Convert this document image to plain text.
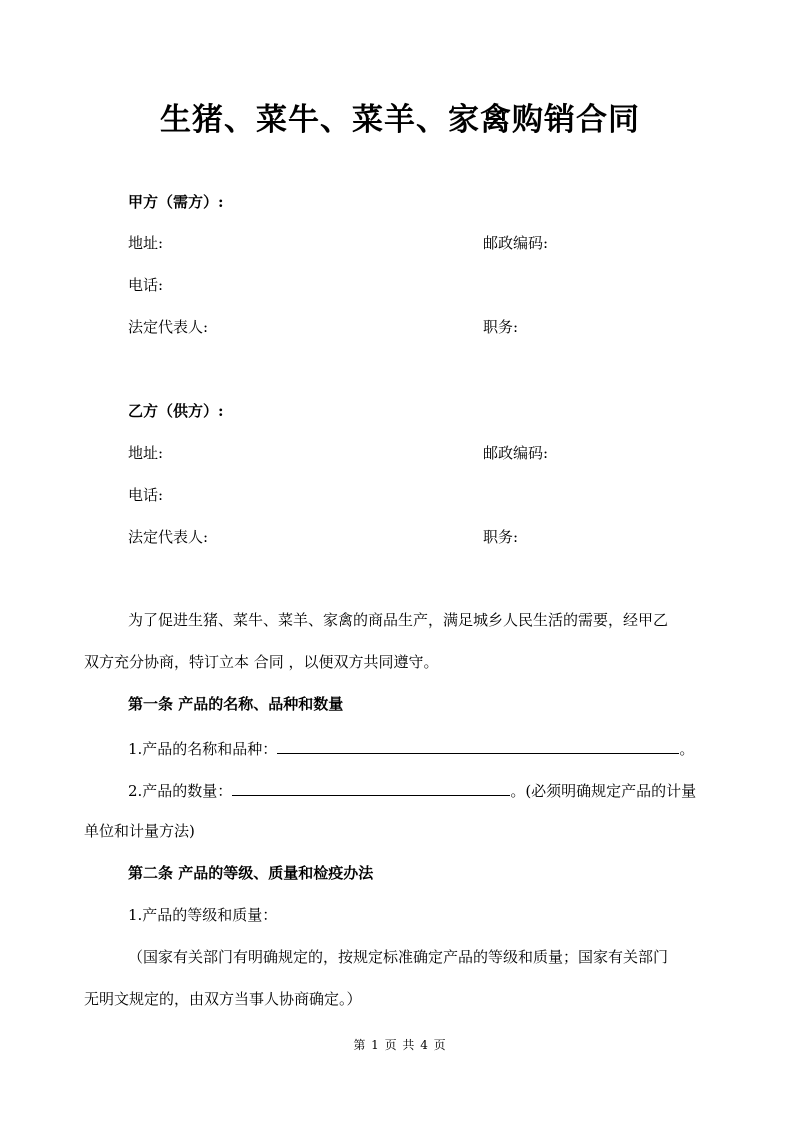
生猪、菜牛、菜羊、家禽购销合同
甲方（需方）:
地址:	邮政编码:
电话:
法定代表人:	职务:
乙方（供方）:
地址:	邮政编码:
电话:
法定代表人:	职务:
为了促进生猪、菜牛、菜羊、家禽的商品生产，满足城乡人民生活的需要，经甲乙
双方充分协商，特订立本 合同 ，以便双方共同遵守。
第一条 产品的名称、品种和数量
1.产品的名称和品种：	。
2.产品的数量：	。(必须明确规定产品的计量
单位和计量方法)
第二条 产品的等级、质量和检疫办法
1.产品的等级和质量：
（国家有关部门有明确规定的，按规定标准确定产品的等级和质量；国家有关部门
无明文规定的，由双方当事人协商确定。）
第 1 页 共 4 页
